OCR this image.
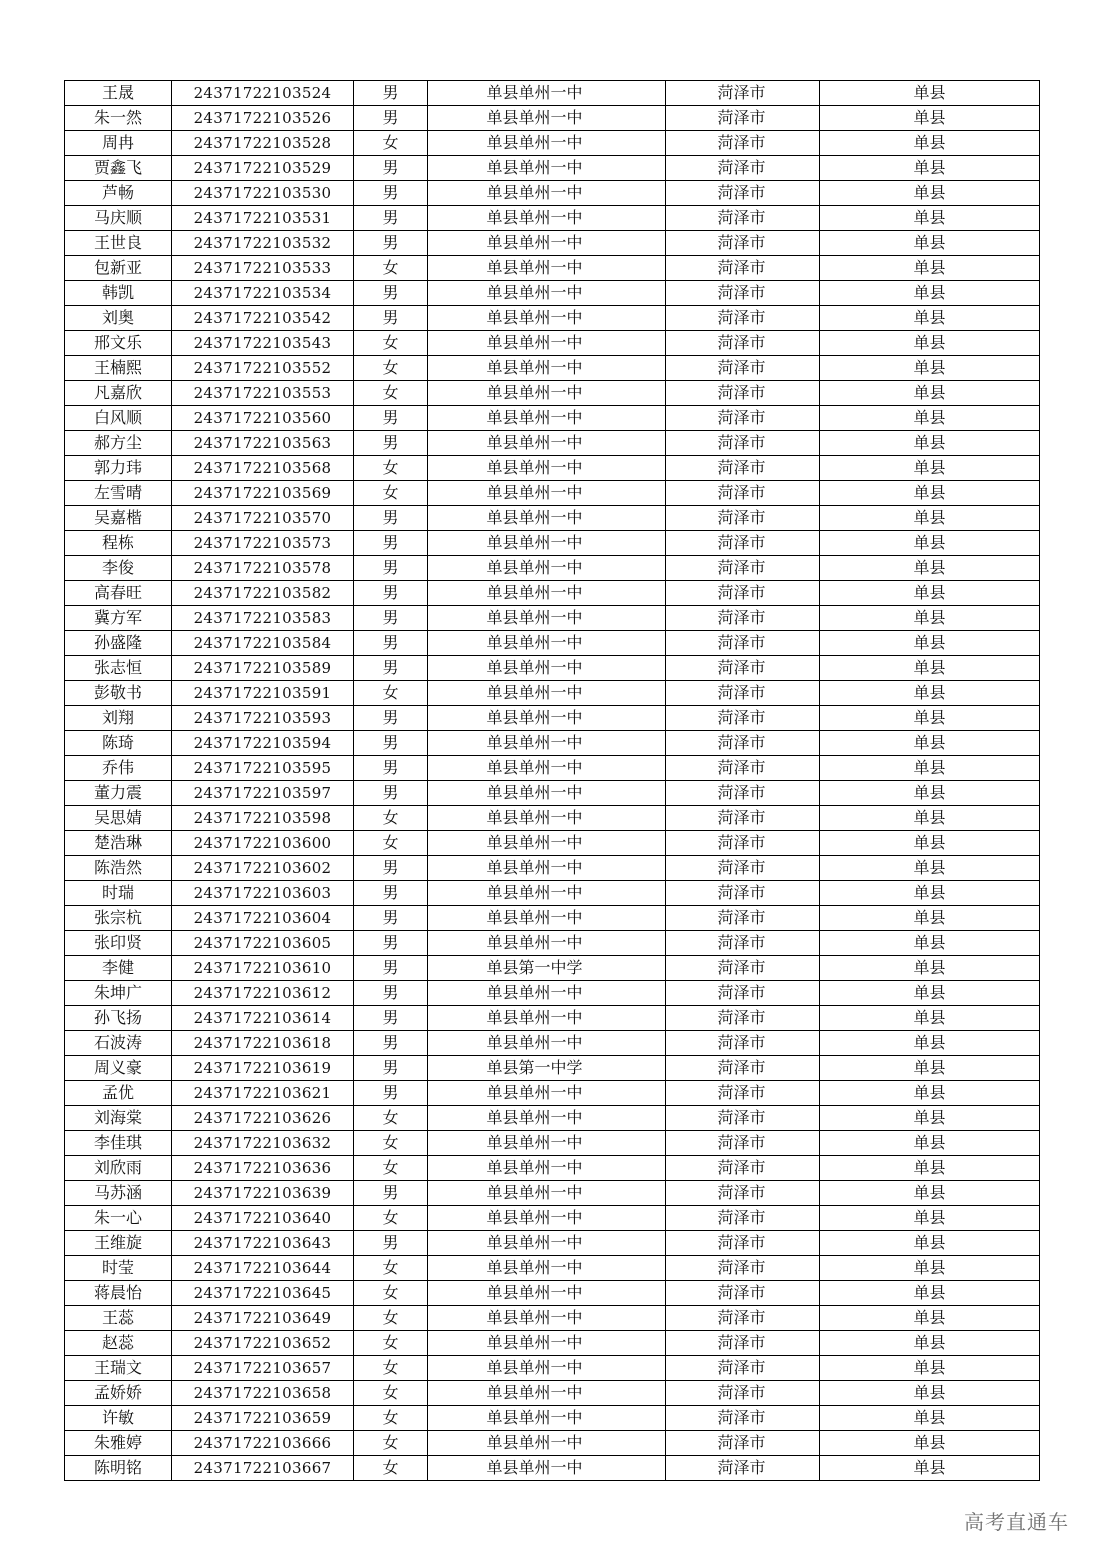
王晟	24371722103524	男	单县单州一中	菏泽市	单县
朱一然	24371722103526	男	单县单州一中	菏泽市	单县
周冉	24371722103528	女	单县单州一中	菏泽市	单县
贾鑫飞	24371722103529	男	单县单州一中	菏泽市	单县
芦畅	24371722103530	男	单县单州一中	菏泽市	单县
马庆顺	24371722103531	男	单县单州一中	菏泽市	单县
王世良	24371722103532	男	单县单州一中	菏泽市	单县
包新亚	24371722103533	女	单县单州一中	菏泽市	单县
韩凯	24371722103534	男	单县单州一中	菏泽市	单县
刘奥	24371722103542	男	单县单州一中	菏泽市	单县
邢文乐	24371722103543	女	单县单州一中	菏泽市	单县
王楠熙	24371722103552	女	单县单州一中	菏泽市	单县
凡嘉欣	24371722103553	女	单县单州一中	菏泽市	单县
白风顺	24371722103560	男	单县单州一中	菏泽市	单县
郝方尘	24371722103563	男	单县单州一中	菏泽市	单县
郭力玮	24371722103568	女	单县单州一中	菏泽市	单县
左雪晴	24371722103569	女	单县单州一中	菏泽市	单县
吴嘉楷	24371722103570	男	单县单州一中	菏泽市	单县
程栋	24371722103573	男	单县单州一中	菏泽市	单县
李俊	24371722103578	男	单县单州一中	菏泽市	单县
高春旺	24371722103582	男	单县单州一中	菏泽市	单县
冀方军	24371722103583	男	单县单州一中	菏泽市	单县
孙盛隆	24371722103584	男	单县单州一中	菏泽市	单县
张志恒	24371722103589	男	单县单州一中	菏泽市	单县
彭敬书	24371722103591	女	单县单州一中	菏泽市	单县
刘翔	24371722103593	男	单县单州一中	菏泽市	单县
陈琦	24371722103594	男	单县单州一中	菏泽市	单县
乔伟	24371722103595	男	单县单州一中	菏泽市	单县
董力震	24371722103597	男	单县单州一中	菏泽市	单县
吴思婧	24371722103598	女	单县单州一中	菏泽市	单县
楚浩琳	24371722103600	女	单县单州一中	菏泽市	单县
陈浩然	24371722103602	男	单县单州一中	菏泽市	单县
时瑞	24371722103603	男	单县单州一中	菏泽市	单县
张宗杭	24371722103604	男	单县单州一中	菏泽市	单县
张印贤	24371722103605	男	单县单州一中	菏泽市	单县
李健	24371722103610	男	单县第一中学	菏泽市	单县
朱坤广	24371722103612	男	单县单州一中	菏泽市	单县
孙飞扬	24371722103614	男	单县单州一中	菏泽市	单县
石波涛	24371722103618	男	单县单州一中	菏泽市	单县
周义豪	24371722103619	男	单县第一中学	菏泽市	单县
孟优	24371722103621	男	单县单州一中	菏泽市	单县
刘海棠	24371722103626	女	单县单州一中	菏泽市	单县
李佳琪	24371722103632	女	单县单州一中	菏泽市	单县
刘欣雨	24371722103636	女	单县单州一中	菏泽市	单县
马苏涵	24371722103639	男	单县单州一中	菏泽市	单县
朱一心	24371722103640	女	单县单州一中	菏泽市	单县
王维旋	24371722103643	男	单县单州一中	菏泽市	单县
时莹	24371722103644	女	单县单州一中	菏泽市	单县
蒋晨怡	24371722103645	女	单县单州一中	菏泽市	单县
王蕊	24371722103649	女	单县单州一中	菏泽市	单县
赵蕊	24371722103652	女	单县单州一中	菏泽市	单县
王瑞文	24371722103657	女	单县单州一中	菏泽市	单县
孟娇娇	24371722103658	女	单县单州一中	菏泽市	单县
许敏	24371722103659	女	单县单州一中	菏泽市	单县
朱雅婷	24371722103666	女	单县单州一中	菏泽市	单县
陈明铭	24371722103667	女	单县单州一中	菏泽市	单县
高考直通车
